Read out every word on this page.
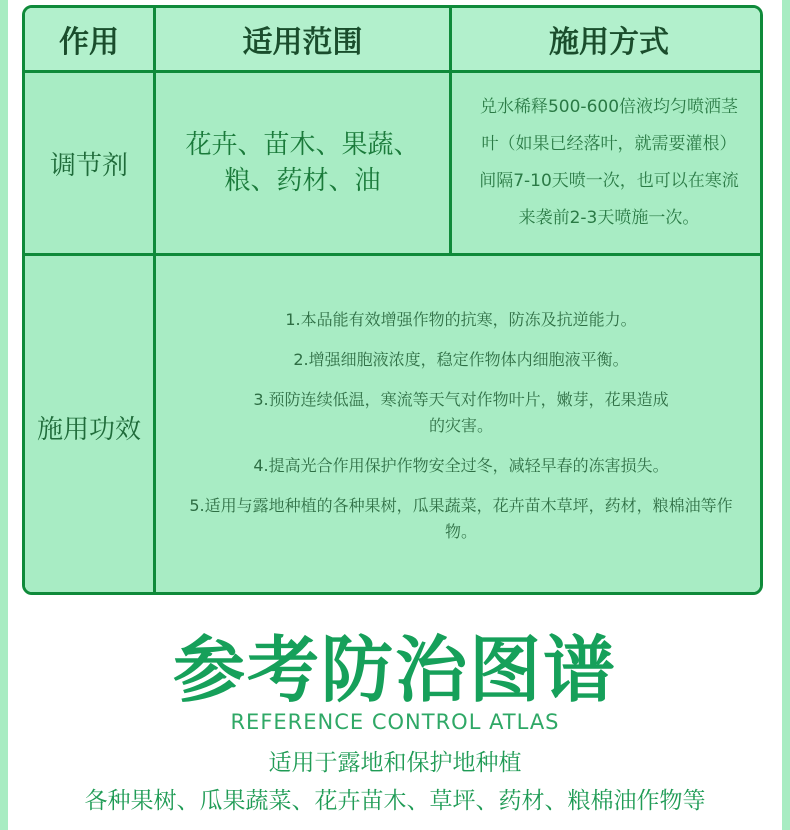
作用	适用范围	施用方式
调节剂
花卉、苗木、果蔬、
粮、药材、油
兑水稀释500-600倍液均匀喷洒茎
叶（如果已经落叶，就需要灌根）
间隔7-10天喷一次，也可以在寒流
来袭前2-3天喷施一次。
施用功效

1.本品能有效增强作物的抗寒，防冻及抗逆能力。

2.增强细胞液浓度，稳定作物体内细胞液平衡。

3.预防连续低温，寒流等天气对作物叶片，嫩芽，花果造成的灾害。

4.提高光合作用保护作物安全过冬，减轻早春的冻害损失。

5.适用与露地种植的各种果树，瓜果蔬菜，花卉苗木草坪，药材，粮棉油等作物。

参考防治图谱
REFERENCE CONTROL ATLAS
适用于露地和保护地种植
各种果树、瓜果蔬菜、花卉苗木、草坪、药材、粮棉油作物等
